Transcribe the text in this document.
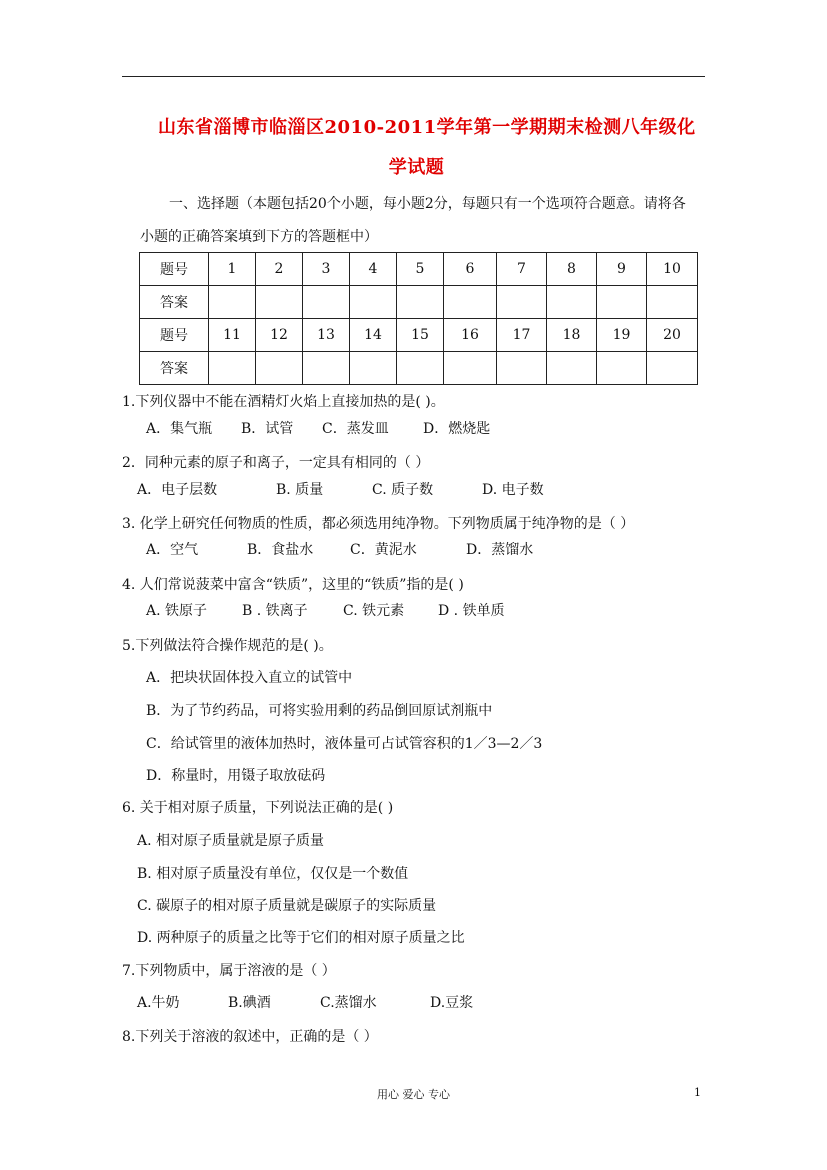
山东省淄博市临淄区2010-2011学年第一学期期末检测八年级化
学试题
一、选择题（本题包括20个小题，每小题2分，每题只有一个选项符合题意。请将各
小题的正确答案填到下方的答题框中）
题号	1	2	3	4	5	6	7	8	9	10
答案										
题号	11	12	13	14	15	16	17	18	19	20
答案										
1.下列仪器中不能在酒精灯火焰上直接加热的是( )。
A．集气瓶 B．试管 C．蒸发皿 D．燃烧匙
2．同种元素的原子和离子，一定具有相同的（ ）
A．电子层数	B. 质量	C. 质子数	D. 电子数
3. 化学上研究任何物质的性质，都必须选用纯净物。下列物质属于纯净物的是（ ）
A．空气	B．食盐水	C．黄泥水	D．蒸馏水
4. 人们常说菠菜中富含“铁质”，这里的“铁质”指的是( )
A. 铁原子 B . 铁离子	C. 铁元素 D . 铁单质
5.下列做法符合操作规范的是( )。
A．把块状固体投入直立的试管中
B．为了节约药品，可将实验用剩的药品倒回原试剂瓶中
C．给试管里的液体加热时，液体量可占试管容积的1／3—2／3
D．称量时，用镊子取放砝码
6. 关于相对原子质量，下列说法正确的是( )
A. 相对原子质量就是原子质量
B. 相对原子质量没有单位，仅仅是一个数值
C. 碳原子的相对原子质量就是碳原子的实际质量
D. 两种原子的质量之比等于它们的相对原子质量之比
7.下列物质中，属于溶液的是（ ）
A.牛奶	B.碘酒	C.蒸馏水	D.豆浆
8.下列关于溶液的叙述中，正确的是（ ）
用心 爱心 专心	1
